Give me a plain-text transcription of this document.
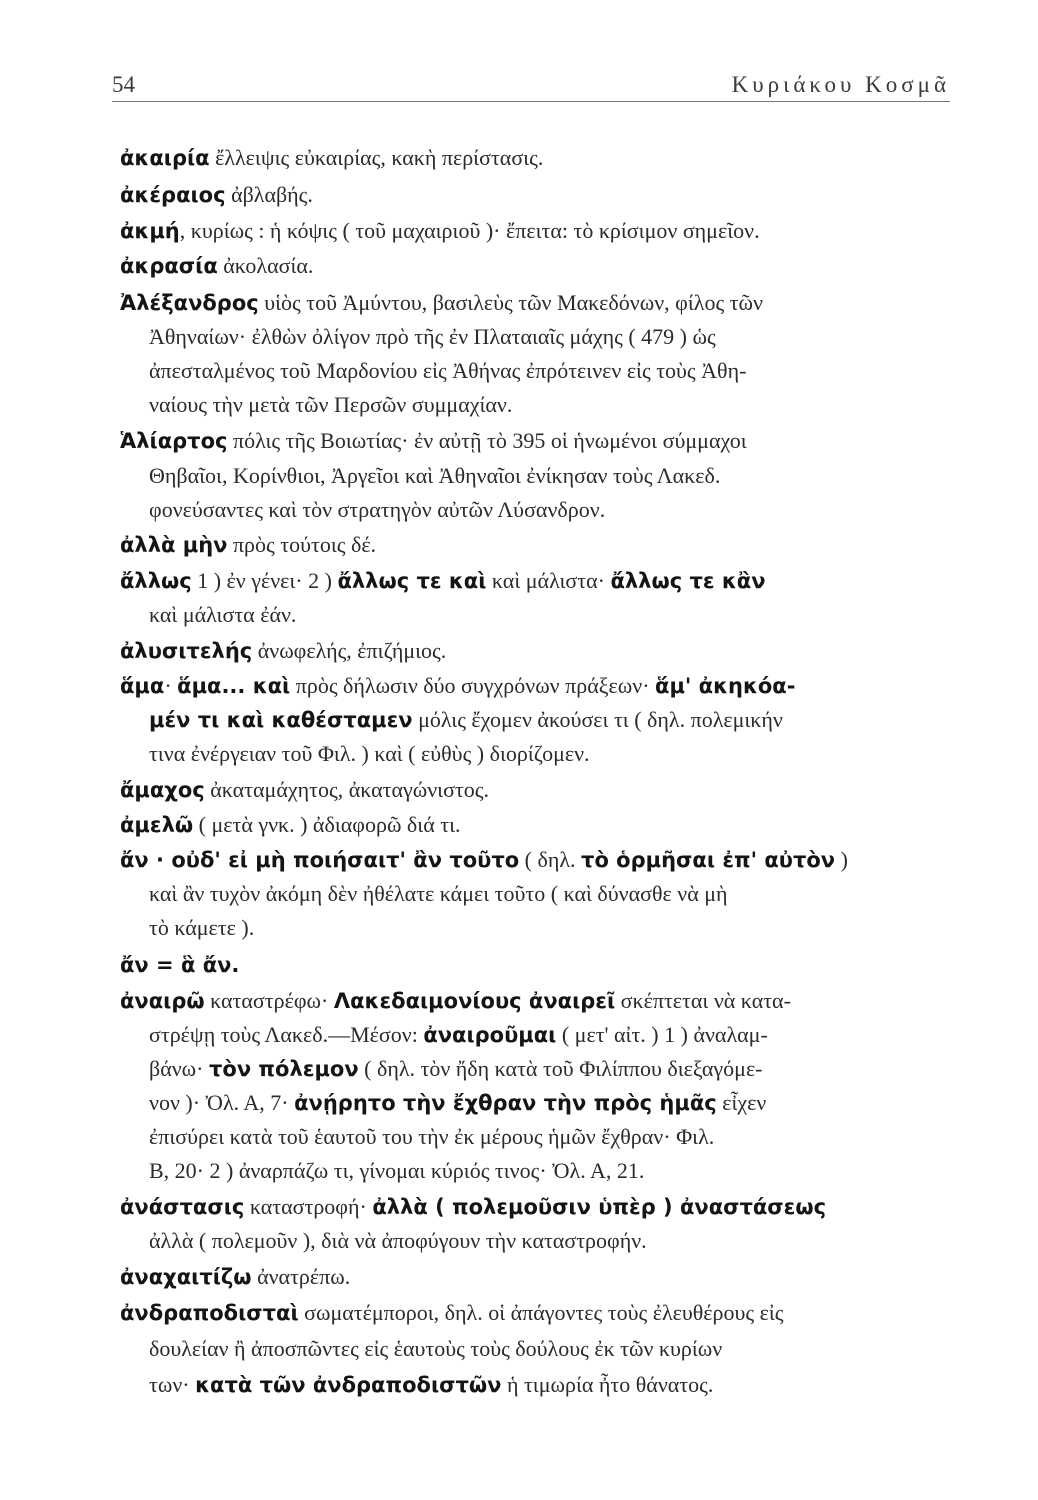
54	Κυριάκου Κοσμᾶ
ἀκαιρία ἔλλειψις εὐκαιρίας, κακὴ περίστασις.
ἀκέραιος ἀβλαβής.
ἀκμή, κυρίως : ἡ κόψις ( τοῦ μαχαιριοῦ )· ἔπειτα: τὸ κρίσιμον σημεῖον.
ἀκρασία ἀκολασία.
Ἀλέξανδρος υἱὸς τοῦ Ἀμύντου, βασιλεὺς τῶν Μακεδόνων, φίλος τῶν
Ἀθηναίων· ἐλθὼν ὀλίγον πρὸ τῆς ἐν Πλαταιαῖς μάχης ( 479 ) ὡς
ἀπεσταλμένος τοῦ Μαρδονίου εἰς Ἀθήνας ἐπρότεινεν εἰς τοὺς Ἀθη-
ναίους τὴν μετὰ τῶν Περσῶν συμμαχίαν.
Ἁλίαρτος πόλις τῆς Βοιωτίας· ἐν αὐτῇ τὸ 395 οἱ ἡνωμένοι σύμμαχοι
Θηβαῖοι, Κορίνθιοι, Ἀργεῖοι καὶ Ἀθηναῖοι ἐνίκησαν τοὺς Λακεδ.
φονεύσαντες καὶ τὸν στρατηγὸν αὐτῶν Λύσανδρον.
ἀλλὰ μὴν πρὸς τούτοις δέ.
ἄλλως 1 ) ἐν γένει· 2 ) ἄλλως τε καὶ καὶ μάλιστα· ἄλλως τε κἂν
καὶ μάλιστα ἐάν.
ἀλυσιτελής ἀνωφελής, ἐπιζήμιος.
ἅμα· ἅμα... καὶ πρὸς δήλωσιν δύο συγχρόνων πράξεων· ἅμ' ἀκηκόα-
μέν τι καὶ καθέσταμεν μόλις ἔχομεν ἀκούσει τι ( δηλ. πολεμικήν
τινα ἐνέργειαν τοῦ Φιλ. ) καὶ ( εὐθὺς ) διορίζομεν.
ἄμαχος ἀκαταμάχητος, ἀκαταγώνιστος.
ἀμελῶ ( μετὰ γνκ. ) ἀδιαφορῶ διά τι.
ἄν · οὐδ' εἰ μὴ ποιήσαιτ' ἂν τοῦτο ( δηλ. τὸ ὁρμῆσαι ἐπ' αὐτὸν )
καὶ ἂν τυχὸν ἀκόμη δὲν ἠθέλατε κάμει τοῦτο ( καὶ δύνασθε νὰ μὴ
τὸ κάμετε ).
ἄν = ἃ ἄν.
ἀναιρῶ καταστρέφω· Λακεδαιμονίους ἀναιρεῖ σκέπτεται νὰ κατα-
στρέψῃ τοὺς Λακεδ.—Μέσον: ἀναιροῦμαι ( μετ' αἰτ. ) 1 ) ἀναλαμ-
βάνω· τὸν πόλεμον ( δηλ. τὸν ἤδη κατὰ τοῦ Φιλίππου διεξαγόμε-
νον )· Ὀλ. Α, 7· ἀνῄρητο τὴν ἔχθραν τὴν πρὸς ἡμᾶς εἶχεν
ἐπισύρει κατὰ τοῦ ἑαυτοῦ του τὴν ἐκ μέρους ἡμῶν ἔχθραν· Φιλ.
Β, 20· 2 ) ἀναρπάζω τι, γίνομαι κύριός τινος· Ὀλ. Α, 21.
ἀνάστασις καταστροφή· ἀλλὰ ( πολεμοῦσιν ὑπὲρ ) ἀναστάσεως
ἀλλὰ ( πολεμοῦν ), διὰ νὰ ἀποφύγουν τὴν καταστροφήν.
ἀναχαιτίζω ἀνατρέπω.
ἀνδραποδισταὶ σωματέμποροι, δηλ. οἱ ἀπάγοντες τοὺς ἐλευθέρους εἰς
δουλείαν ἢ ἀποσπῶντες εἰς ἑαυτοὺς τοὺς δούλους ἐκ τῶν κυρίων
των· κατὰ τῶν ἀνδραποδιστῶν ἡ τιμωρία ἦτο θάνατος.
